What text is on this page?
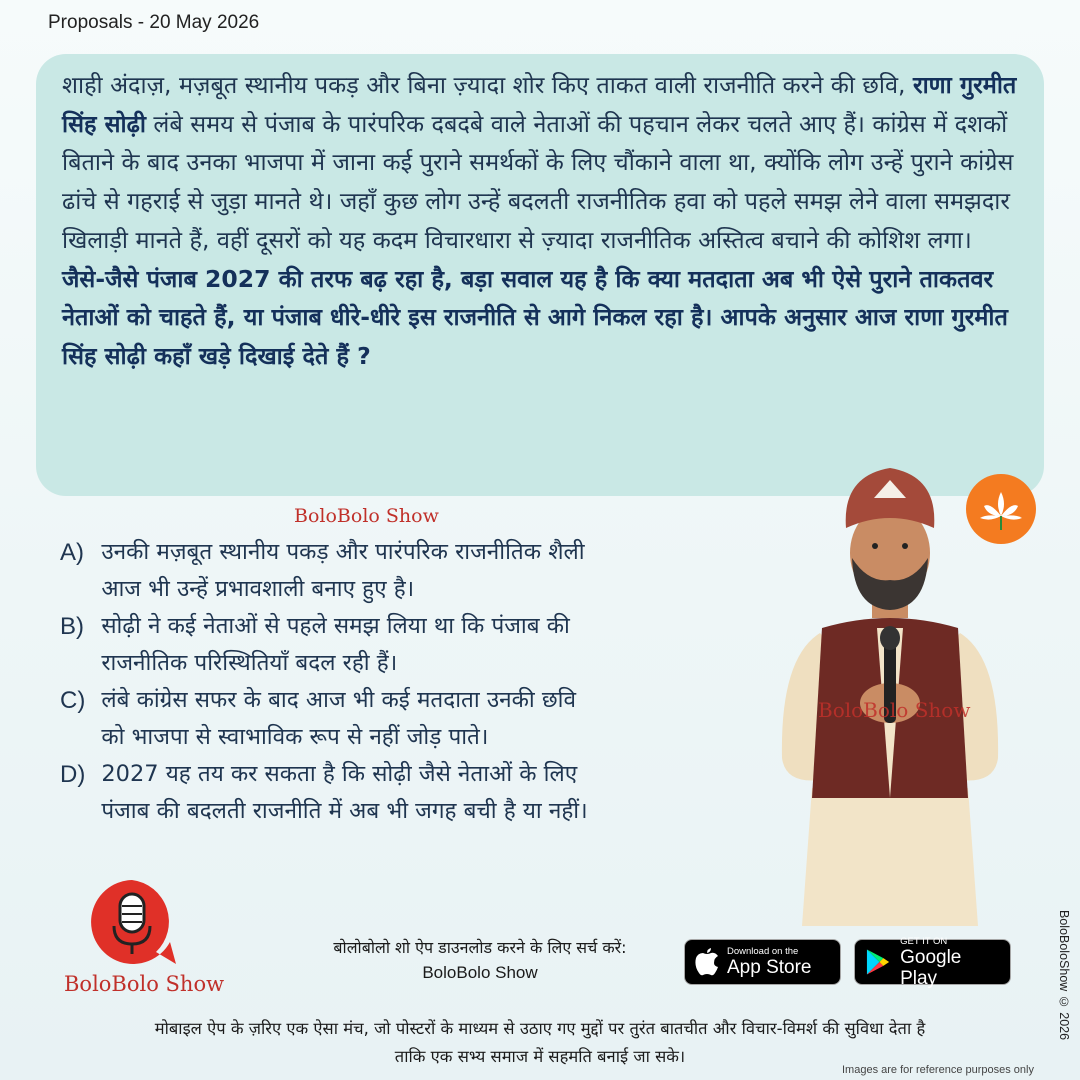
Proposals - 20 May 2026

शाही अंदाज़, मज़बूत स्थानीय पकड़ और बिना ज़्यादा शोर किए ताकत वाली राजनीति करने की छवि, राणा गुरमीत सिंह सोढ़ी लंबे समय से पंजाब के पारंपरिक दबदबे वाले नेताओं की पहचान लेकर चलते आए हैं। कांग्रेस में दशकों बिताने के बाद उनका भाजपा में जाना कई पुराने समर्थकों के लिए चौंकाने वाला था, क्योंकि लोग उन्हें पुराने कांग्रेस ढांचे से गहराई से जुड़ा मानते थे। जहाँ कुछ लोग उन्हें बदलती राजनीतिक हवा को पहले समझ लेने वाला समझदार खिलाड़ी मानते हैं, वहीं दूसरों को यह कदम विचारधारा से ज़्यादा राजनीतिक अस्तित्व बचाने की कोशिश लगा। जैसे-जैसे पंजाब 2027 की तरफ बढ़ रहा है, बड़ा सवाल यह है कि क्या मतदाता अब भी ऐसे पुराने ताकतवर नेताओं को चाहते हैं, या पंजाब धीरे-धीरे इस राजनीति से आगे निकल रहा है। आपके अनुसार आज राणा गुरमीत सिंह सोढ़ी कहाँ खड़े दिखाई देते हैं ?

BoloBolo Show
A) उनकी मज़बूत स्थानीय पकड़ और पारंपरिक राजनीतिक शैली
आज भी उन्हें प्रभावशाली बनाए हुए है।
B) सोढ़ी ने कई नेताओं से पहले समझ लिया था कि पंजाब की
राजनीतिक परिस्थितियाँ बदल रही हैं।
C) लंबे कांग्रेस सफर के बाद आज भी कई मतदाता उनकी छवि
को भाजपा से स्वाभाविक रूप से नहीं जोड़ पाते।
D) 2027 यह तय कर सकता है कि सोढ़ी जैसे नेताओं के लिए
पंजाब की बदलती राजनीति में अब भी जगह बची है या नहीं।
BoloBolo Show
BoloBolo Show
बोलोबोलो शो ऐप डाउनलोड करने के लिए सर्च करें:
BoloBolo Show
Download on the
App Store
GET IT ON
Google Play
मोबाइल ऐप के ज़रिए एक ऐसा मंच, जो पोस्टरों के माध्यम से उठाए गए मुद्दों पर तुरंत बातचीत और विचार-विमर्श की सुविधा देता है
ताकि एक सभ्य समाज में सहमति बनाई जा सके।
Images are for reference purposes only
BoloBoloShow © 2026
